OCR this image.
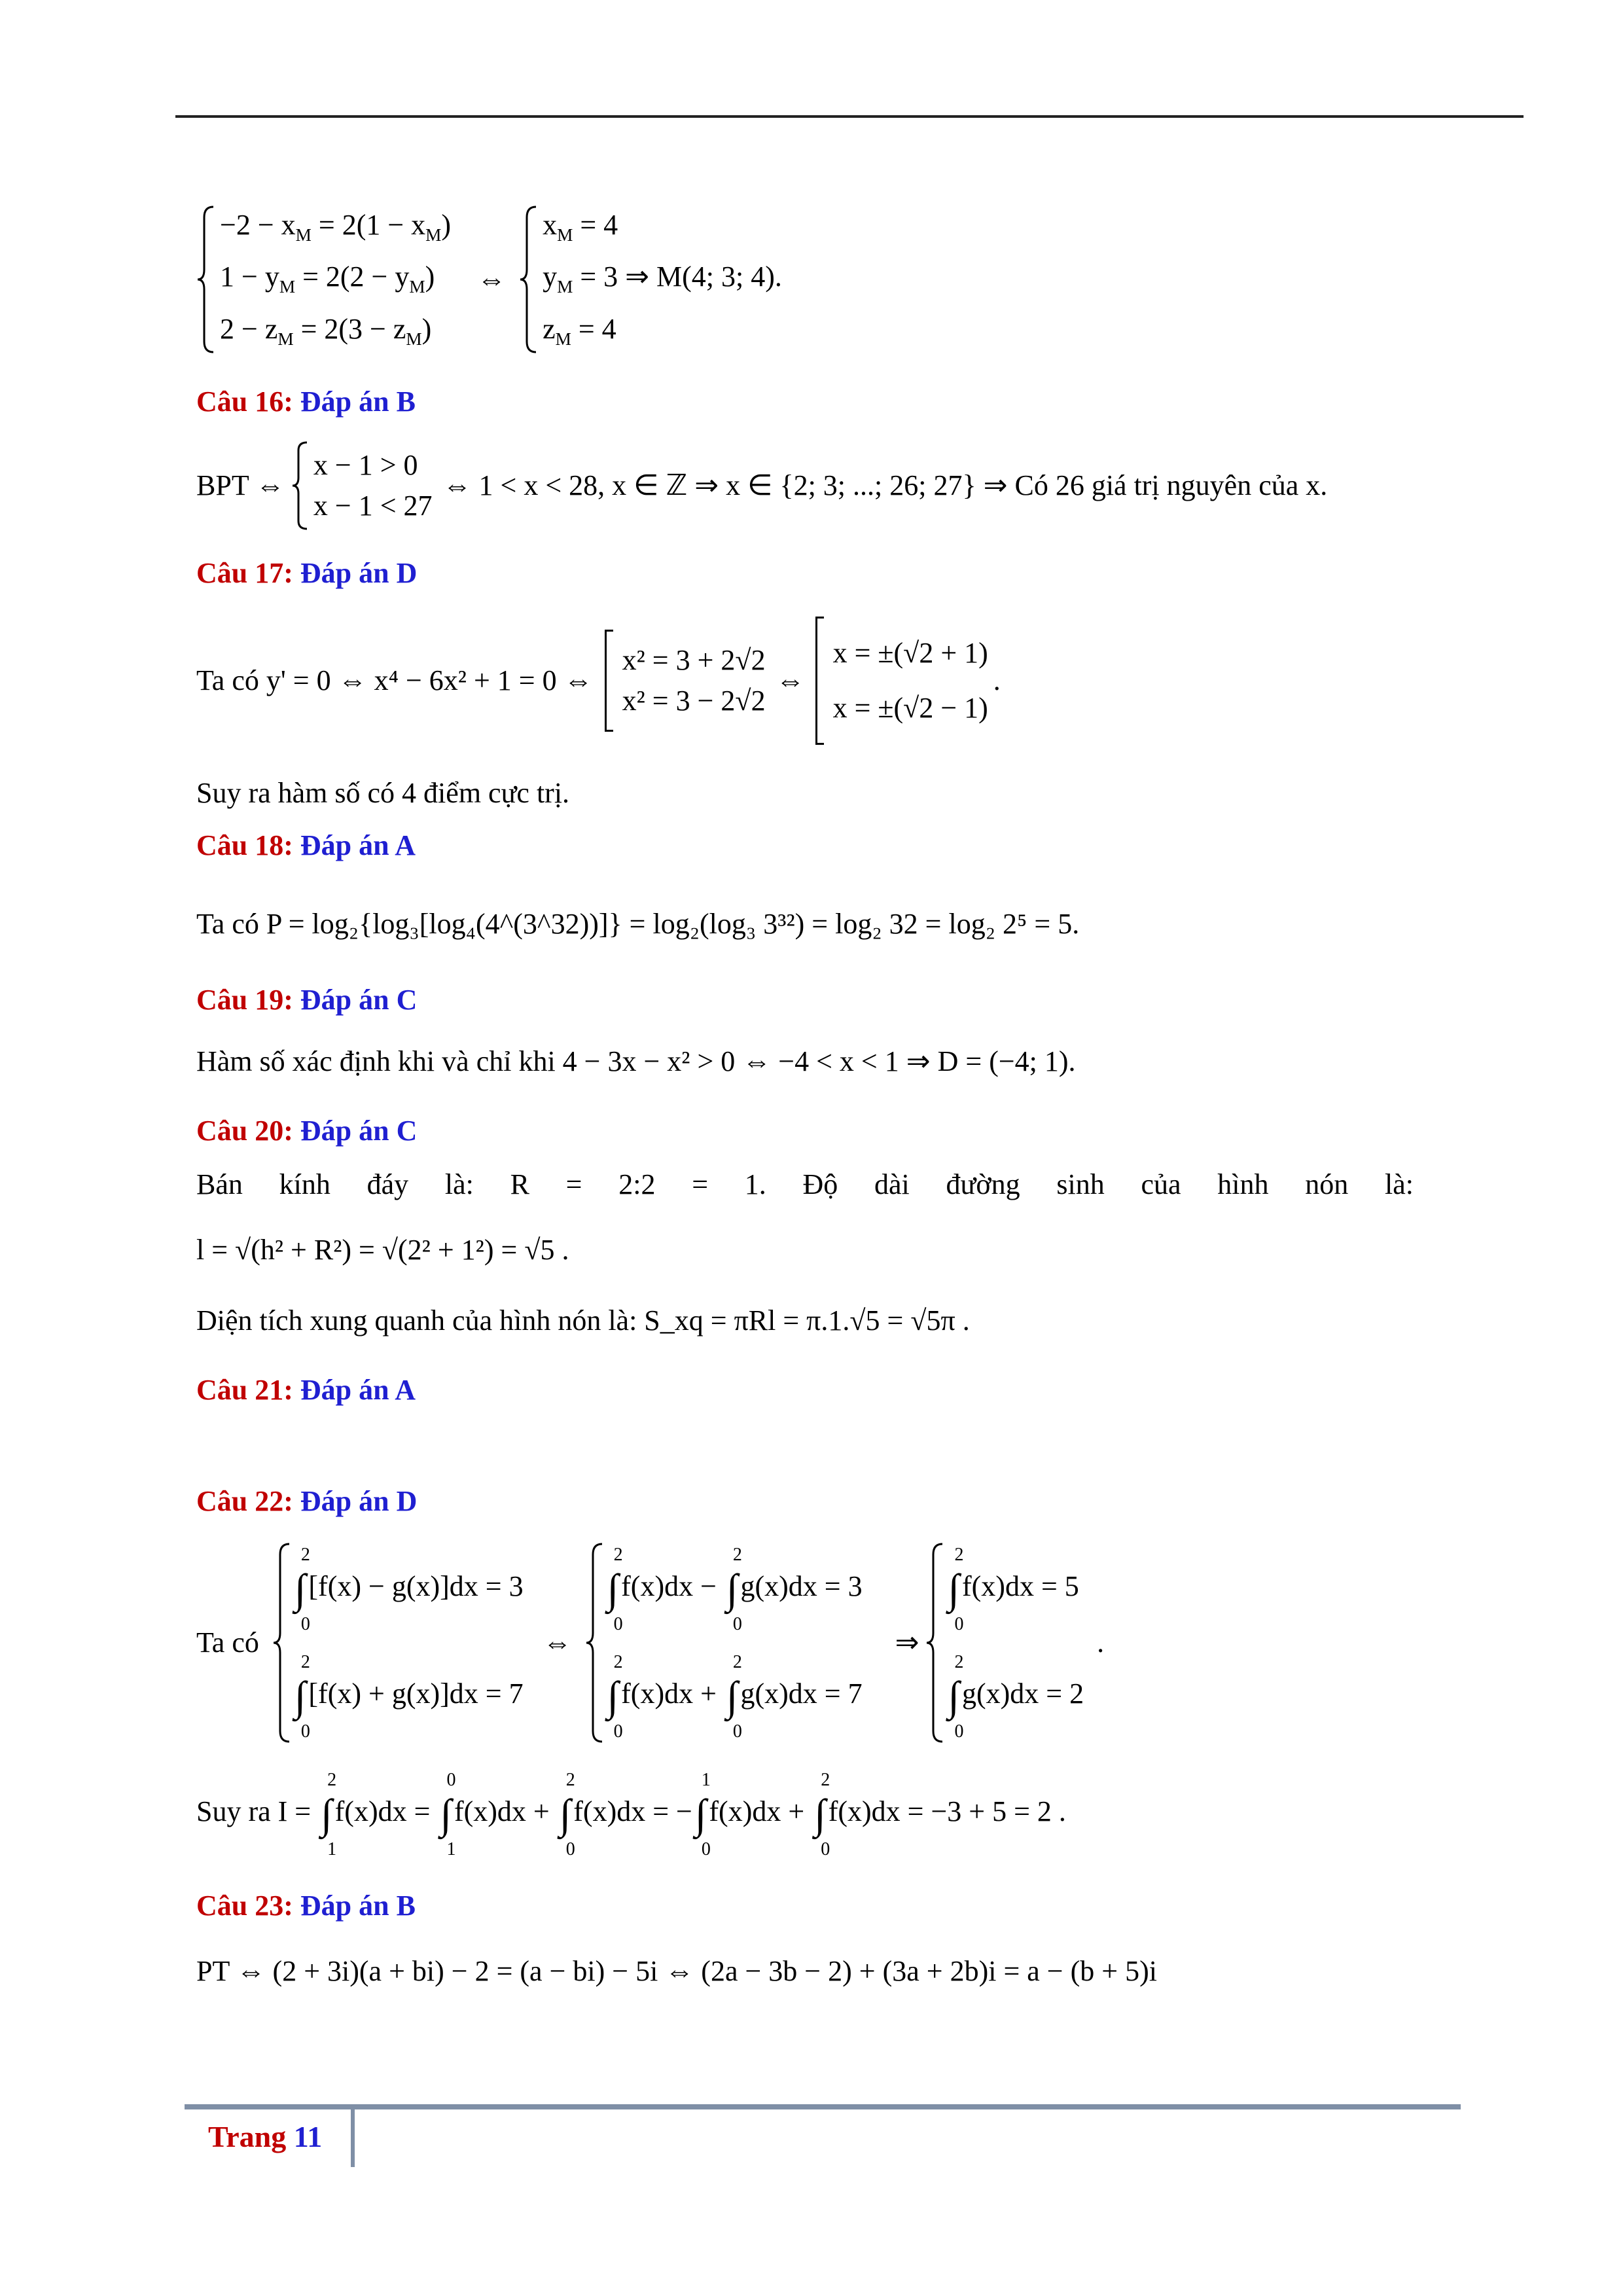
$-2 - x_M = 2(1 - x_M)$
$1 - y_M = 2(2 - y_M)$
$2 - z_M = 2(3 - z_M)$
⇔
$x_M = 4$
$y_M = 3$ ⇒ M(4; 3; 4).
$z_M = 4$
Câu 16: Đáp án B
BPT ⇔
x − 1 > 0
x − 1 < 27
⇔ 1 < x < 28, x ∈ ℤ ⇒ x ∈ {2; 3; ...; 26; 27} ⇒ Có 26 giá trị nguyên của x.
Câu 17: Đáp án D
Ta có y' = 0 ⇔ x⁴ − 6x² + 1 = 0 ⇔
x² = 3 + 2√2
x² = 3 − 2√2
⇔
x = ±(√2 + 1)
x = ±(√2 − 1)
.
Suy ra hàm số có 4 điểm cực trị.
Câu 18: Đáp án A
Ta có P = log₂{log₃[log₄(4^(3^32))]} = log₂(log₃ 3³²) = log₂ 32 = log₂ 2⁵ = 5.
Câu 19: Đáp án C
Hàm số xác định khi và chỉ khi 4 − 3x − x² > 0 ⇔ −4 < x < 1 ⇒ D = (−4; 1).
Câu 20: Đáp án C
Bán kính đáy là: R = 2:2 = 1. Độ dài đường sinh của hình nón là:
l = √(h² + R²) = √(2² + 1²) = √5 .
Diện tích xung quanh của hình nón là: S_xq = πRl = π.1.√5 = √5π .
Câu 21: Đáp án A
Câu 22: Đáp án D
Ta có
∫
2
0
[f(x) − g(x)]dx = 3
∫
2
0
[f(x) + g(x)]dx = 7
⇔
∫
2
0
f(x)dx − ∫
2
0
g(x)dx = 3
∫
2
0
f(x)dx + ∫
2
0
g(x)dx = 7
⇒
∫
2
0
f(x)dx = 5
∫
2
0
g(x)dx = 2
.
Suy ra I = ∫
2
1
f(x)dx = ∫
0
1
f(x)dx + ∫
2
0
f(x)dx = −∫
1
0
f(x)dx + ∫
2
0
f(x)dx = −3 + 5 = 2 .
Câu 23: Đáp án B
PT ⇔ (2 + 3i)(a + bi) − 2 = (a − bi) − 5i ⇔ (2a − 3b − 2) + (3a + 2b)i = a − (b + 5)i
Trang 11
